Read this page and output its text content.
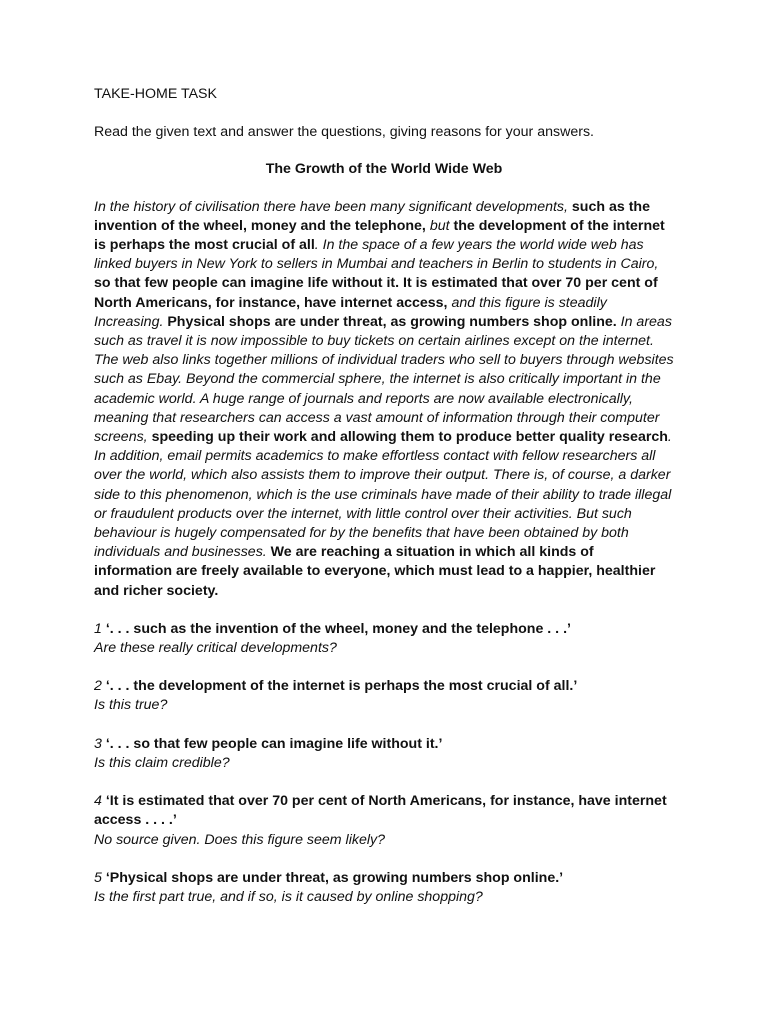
TAKE-HOME TASK

Read the given text and answer the questions, giving reasons for your answers.

The Growth of the World Wide Web

In the history of civilisation there have been many significant developments, such as the invention of the wheel, money and the telephone, but the development of the internet is perhaps the most crucial of all. In the space of a few years the world wide web has linked buyers in New York to sellers in Mumbai and teachers in Berlin to students in Cairo, so that few people can imagine life without it. It is estimated that over 70 per cent of North Americans, for instance, have internet access, and this figure is steadily Increasing. Physical shops are under threat, as growing numbers shop online. In areas such as travel it is now impossible to buy tickets on certain airlines except on the internet. The web also links together millions of individual traders who sell to buyers through websites such as Ebay. Beyond the commercial sphere, the internet is also critically important in the academic world. A huge range of journals and reports are now available electronically, meaning that researchers can access a vast amount of information through their computer screens, speeding up their work and allowing them to produce better quality research. In addition, email permits academics to make effortless contact with fellow researchers all over the world, which also assists them to improve their output. There is, of course, a darker side to this phenomenon, which is the use criminals have made of their ability to trade illegal or fraudulent products over the internet, with little control over their activities. But such behaviour is hugely compensated for by the benefits that have been obtained by both individuals and businesses. We are reaching a situation in which all kinds of information are freely available to everyone, which must lead to a happier, healthier and richer society.

1 ‘. . . such as the invention of the wheel, money and the telephone . . .’
Are these really critical developments?
2 ‘. . . the development of the internet is perhaps the most crucial of all.’
Is this true?
3 ‘. . . so that few people can imagine life without it.’
Is this claim credible?
4 ‘It is estimated that over 70 per cent of North Americans, for instance, have internet access . . . .’
No source given. Does this figure seem likely?
5 ‘Physical shops are under threat, as growing numbers shop online.’
Is the first part true, and if so, is it caused by online shopping?
